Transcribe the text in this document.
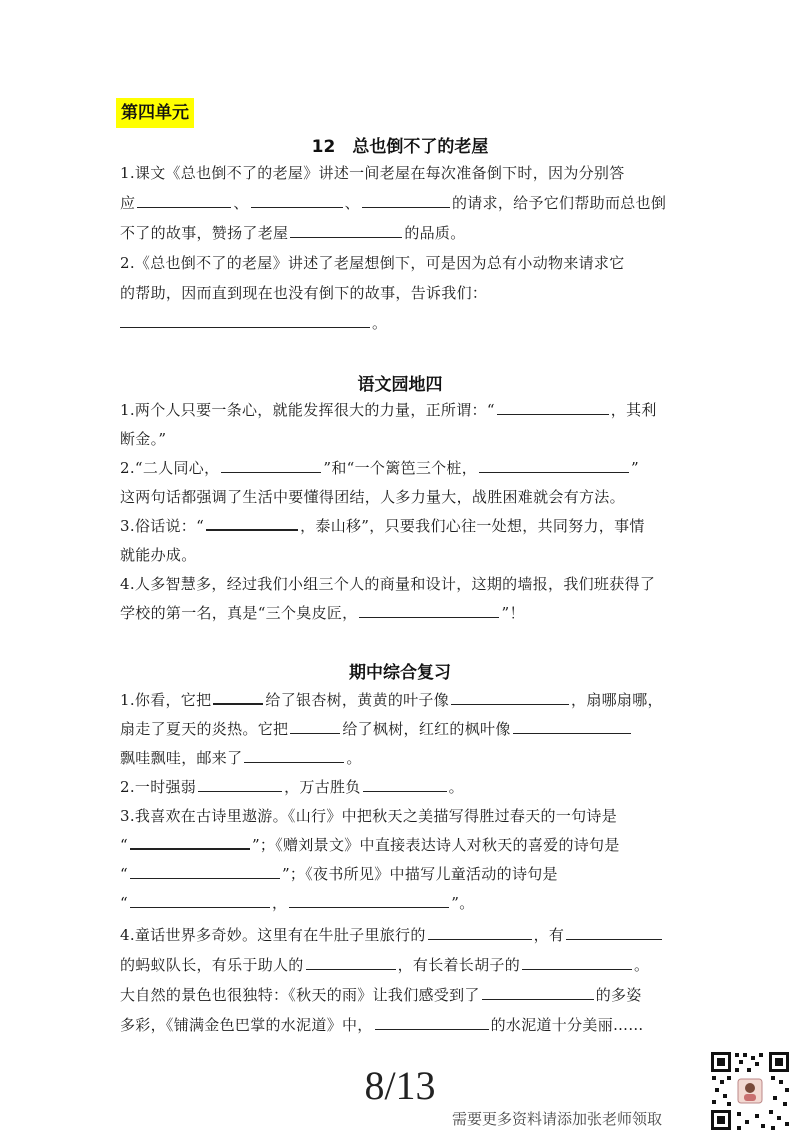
第四单元
12　总也倒不了的老屋
1.课文《总也倒不了的老屋》讲述一间老屋在每次准备倒下时，因为分别答
应	、	、	的请求，给予它们帮助而总也倒
不了的故事，赞扬了老屋	的品质。
2.《总也倒不了的老屋》讲述了老屋想倒下，可是因为总有小动物来请求它
的帮助，因而直到现在也没有倒下的故事，告诉我们：
。
语文园地四
1.两个人只要一条心，就能发挥很大的力量，正所谓：“	，其利
断金。”
2.“二人同心，	”和“一个篱笆三个桩，	”
这两句话都强调了生活中要懂得团结，人多力量大，战胜困难就会有方法。
3.俗话说：“	，泰山移”，只要我们心往一处想，共同努力，事情
就能办成。
4.人多智慧多，经过我们小组三个人的商量和设计，这期的墙报，我们班获得了
学校的第一名，真是“三个臭皮匠，	”！
期中综合复习
1.你看，它把	给了银杏树，黄黄的叶子像	，扇哪扇哪，
扇走了夏天的炎热。它把	给了枫树，红红的枫叶像
飘哇飘哇，邮来了	。
2.一时强弱	，万古胜负	。
3.我喜欢在古诗里遨游。《山行》中把秋天之美描写得胜过春天的一句诗是
“	”；《赠刘景文》中直接表达诗人对秋天的喜爱的诗句是
“	”；《夜书所见》中描写儿童活动的诗句是
“	，	”。
4.童话世界多奇妙。这里有在牛肚子里旅行的	，有
的蚂蚁队长，有乐于助人的	，有长着长胡子的	。
大自然的景色也很独特：《秋天的雨》让我们感受到了	的多姿
多彩，《铺满金色巴掌的水泥道》中，	的水泥道十分美丽……
8/13
需要更多资料请添加张老师领取
